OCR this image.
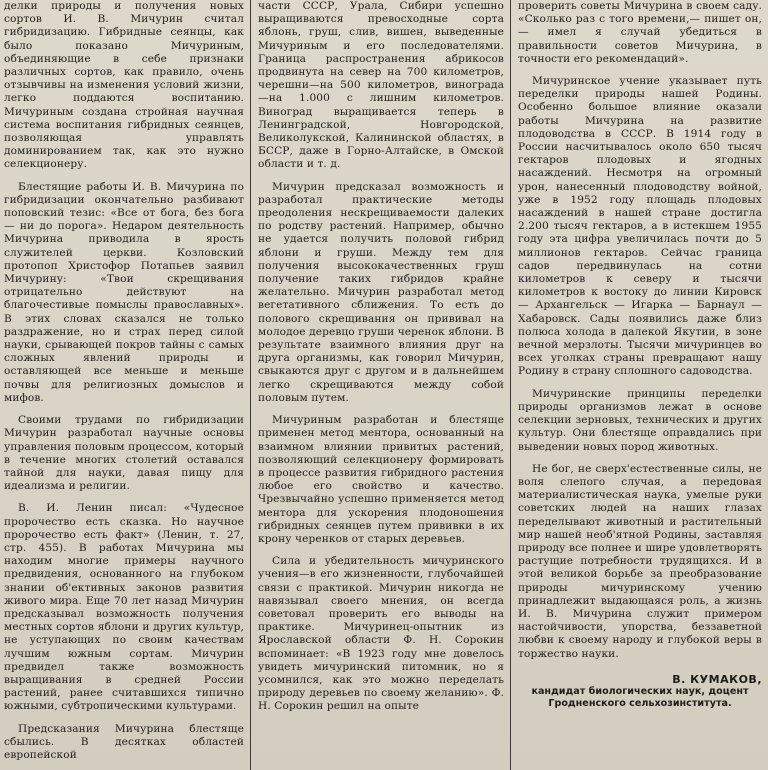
делки природы и получения новых сортов И. В. Мичурин считал гибридизацию. Гибридные сеянцы, как было показано Мичуриным, объединяющие в себе признаки различных сортов, как правило, очень отзывчивы на изменения условий жизни, легко поддаются воспитанию. Мичуриным создана стройная научная система воспитания гибридных сеянцев, позволяющая управлять доминированием так, как это нужно селекционеру.

Блестящие работы И. В. Мичурина по гибридизации окончательно разбивают поповский тезис: «Все от бога, без бога — ни до порога». Недаром деятельность Мичурина приводила в ярость служителей церкви. Козловский протопоп Христофор Потапьев заявил Мичурину: «Твои скрещивания отрицательно действуют на благочестивые помыслы православных». В этих словах сказался не только раздражение, но и страх перед силой науки, срывающей покров тайны с самых сложных явлений природы и оставляющей все меньше и меньше почвы для религиозных домыслов и мифов.

Своими трудами по гибридизации Мичурин разработал научные основы управления половым процессом, который в течение многих столетий оставался тайной для науки, давая пищу для идеализма и религии.

В. И. Ленин писал: «Чудесное пророчество есть сказка. Но научное пророчество есть факт» (Ленин, т. 27, стр. 455). В работах Мичурина мы находим многие примеры научного предвидения, основанного на глубоком знании об'ективных законов развития живого мира. Еще 70 лет назад Мичурин предсказывал возможность получения местных сортов яблони и других культур, не уступающих по своим качествам лучшим южным сортам. Мичурин предвидел также возможность выращивания в средней России растений, ранее считавшихся типично южными, субтропическими культурами.

Предсказания Мичурина блестяще сбылись. В десятках областей европейской

части СССР, Урала, Сибири успешно выращиваются превосходные сорта яблонь, груш, слив, вишен, выведенные Мичуриным и его последователями. Граница распространения абрикосов продвинута на север на 700 километров, черешни—на 500 километров, винограда—на 1.000 с лишним километров. Виноград выращивается теперь в Ленинградской, Новгородской, Великолукской, Калининской областях, в БССР, даже в Горно-Алтайске, в Омской области и т. д.

Мичурин предсказал возможность и разработал практические методы преодоления нескрещиваемости далеких по родству растений. Например, обычно не удается получить половой гибрид яблони и груши. Между тем для получения высококачественных груш получение таких гибридов крайне желательно. Мичурин разработал метод вегетативного сближения. То есть до полового скрещивания он прививал на молодое деревцо груши черенок яблони. В результате взаимного влияния друг на друга организмы, как говорил Мичурин, свыкаются друг с другом и в дальнейшем легко скрещиваются между собой половым путем.

Мичуриным разработан и блестяще применен метод ментора, основанный на взаимном влиянии привитых растений, позволяющий селекционеру формировать в процессе развития гибридного растения любое его свойство и качество. Чрезвычайно успешно применяется метод ментора для ускорения плодоношения гибридных сеянцев путем прививки в их крону черенков от старых деревьев.

Сила и убедительность мичуринского учения—в его жизненности, глубочайшей связи с практикой. Мичурин никогда не навязывал своего мнения, он всегда советовал проверить его выводы на практике. Мичуринец-опытник из Ярославской области Ф. Н. Сорокин вспоминает: «В 1923 году мне довелось увидеть мичуринский питомник, но я усомнился, как это можно переделать природу деревьев по своему желанию». Ф. Н. Сорокин решил на опыте

проверить советы Мичурина в своем саду. «Сколько раз с того времени,— пишет он,— имел я случай убедиться в правильности советов Мичурина, в точности его рекомендаций».

Мичуринское учение указывает путь переделки природы нашей Родины. Особенно большое влияние оказали работы Мичурина на развитие плодоводства в СССР. В 1914 году в России насчитывалось около 650 тысяч гектаров плодовых и ягодных насаждений. Несмотря на огромный урон, нанесенный плодоводству войной, уже в 1952 году площадь плодовых насаждений в нашей стране достигла 2.200 тысяч гектаров, а в истекшем 1955 году эта цифра увеличилась почти до 5 миллионов гектаров. Сейчас граница садов передвинулась на сотни километров к северу и тысячи километров к востоку до линии Кировск — Архангельск — Игарка — Барнаул — Хабаровск. Сады появились даже близ полюса холода в далекой Якутии, в зоне вечной мерзлоты. Тысячи мичуринцев во всех уголках страны превращают нашу Родину в страну сплошного садоводства.

Мичуринские принципы переделки природы организмов лежат в основе селекции зерновых, технических и других культур. Они блестяще оправдались при выведении новых пород животных.

Не бог, не сверх'естественные силы, не воля слепого случая, а передовая материалистическая наука, умелые руки советских людей на наших глазах переделывают животный и растительный мир нашей необ'ятной Родины, заставляя природу все полнее и шире удовлетворять растущие потребности трудящихся. И в этой великой борьбе за преобразование природы мичуринскому учению принадлежит выдающаяся роль, а жизнь И. В. Мичурина служит примером настойчивости, упорства, беззаветной любви к своему народу и глубокой веры в торжество науки.

В. КУМАКОВ,

кандидат биологических наук, доцент

Гродненского сельхозинститута.
